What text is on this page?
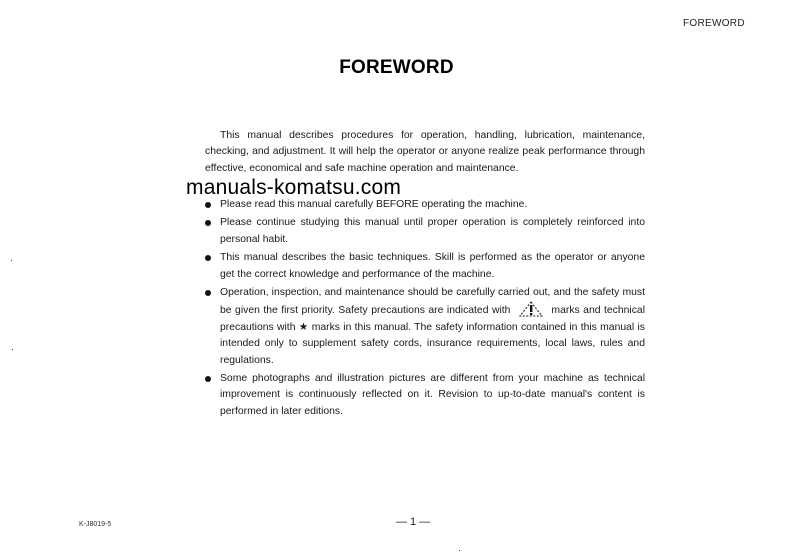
FOREWORD
FOREWORD
This manual describes procedures for operation, handling, lubrication, maintenance, checking, and adjustment. It will help the operator or anyone realize peak performance through effective, economical and safe machine operation and maintenance.
manuals-komatsu.com
Please read this manual carefully BEFORE operating the machine.
Please continue studying this manual until proper operation is completely reinforced into personal habit.
This manual describes the basic techniques. Skill is performed as the operator or anyone get the correct knowledge and performance of the machine.
Operation, inspection, and maintenance should be carefully carried out, and the safety must be given the first priority. Safety precautions are indicated with	marks and technical precautions with ★ marks in this manual. The safety information contained in this manual is intended only to supplement safety cords, insurance requirements, local laws, rules and regulations.
Some photographs and illustration pictures are different from your machine as technical improvement is continuously reflected on it. Revision to up-to-date manual's content is performed in later editions.
K-J8019-5	— 1 —
